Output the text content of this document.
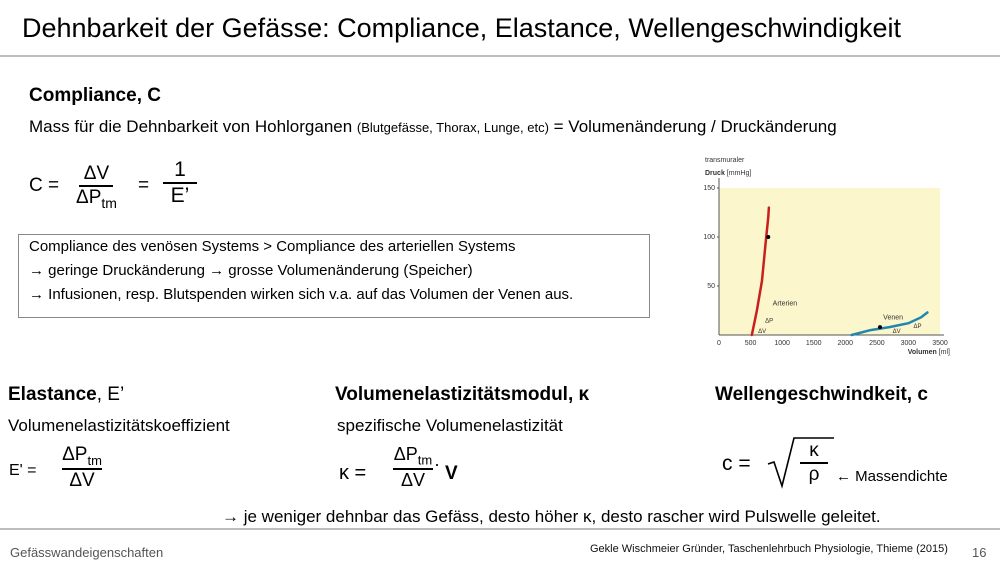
Dehnbarkeit der Gefässe: Compliance, Elastance, Wellengeschwindigkeit
Compliance, C
Mass für die Dehnbarkeit von Hohlorganen (Blutgefässe, Thorax, Lunge, etc) = Volumenänderung / Druckänderung
C =
ΔV
$\Delta P_{tm}$
=
1
E’
Compliance des venösen Systems > Compliance des arteriellen Systems
→ geringe Druckänderung → grosse Volumenänderung (Speicher)
→ Infusionen, resp. Blutspenden wirken sich v.a. auf das Volumen der Venen aus.
transmuraler
Druck [mmHg]
Volumen [ml]
0	500	1000 1500 2000 2500 3000 3500
50
100
150
Arterien
Venen
ΔP
ΔV	ΔV
ΔP
Elastance, E’
Volumenelastizitätskoeffizient
E' =
$\Delta P_{tm}$
ΔV
Volumenelastizitätsmodul, κ
spezifische Volumenelastizität
κ =
$\Delta P_{tm}$
ΔV
· V
Wellengeschwindkeit, c
c =
κ
ρ ← Massendichte
→ je weniger dehnbar das Gefäss, desto höher κ, desto rascher wird Pulswelle geleitet.
Gefässwandeigenschaften	Gekle Wischmeier Gründer, Taschenlehrbuch Physiologie, Thieme (2015) 16
